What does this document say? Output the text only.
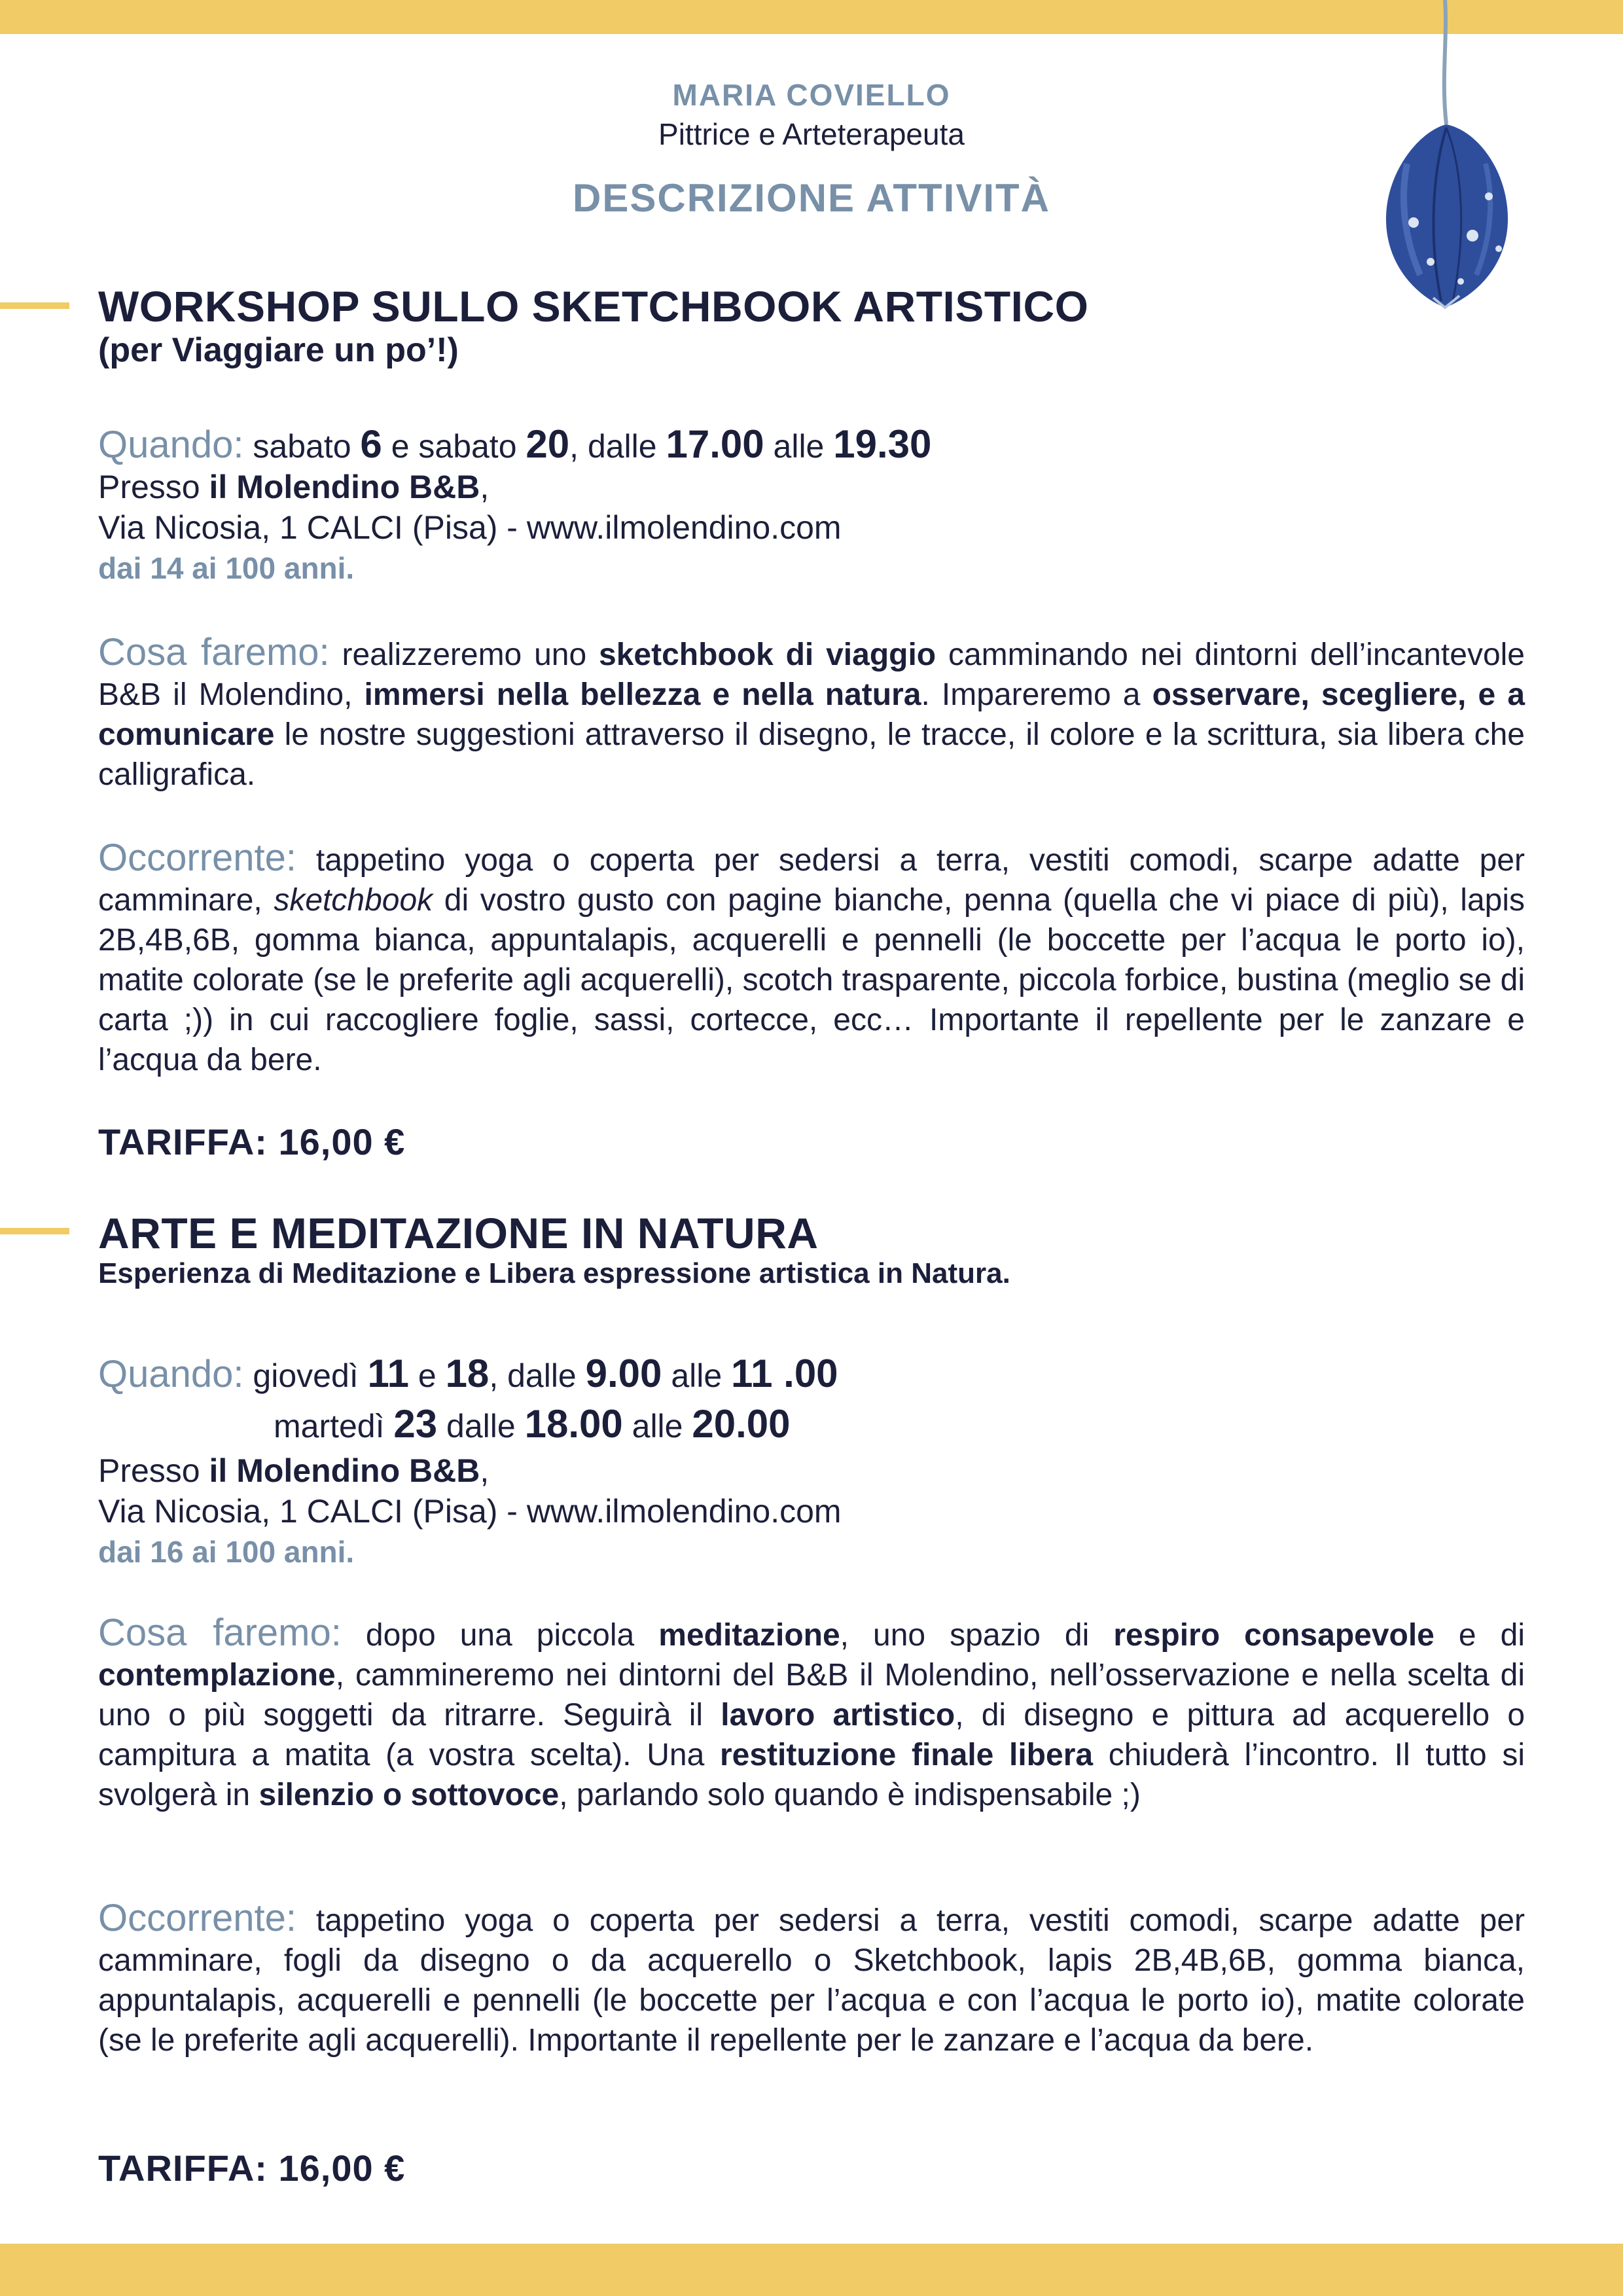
MARIA COVIELLO
Pittrice e Arteterapeuta
DESCRIZIONE ATTIVITÀ
WORKSHOP SULLO SKETCHBOOK ARTISTICO
(per Viaggiare un po’!)
Quando: sabato 6 e sabato 20, dalle 17.00 alle 19.30
Presso il Molendino B&B,
Via Nicosia, 1 CALCI (Pisa) - www.ilmolendino.com
dai 14 ai 100 anni.
Cosa faremo: realizzeremo uno sketchbook di viaggio camminando nei dintorni dell’incantevole B&B il Molendino, immersi nella bellezza e nella natura. Impareremo a osservare, scegliere, e a comunicare le nostre suggestioni attraverso il disegno, le tracce, il colore e la scrittura, sia libera che calligrafica.
Occorrente: tappetino yoga o coperta per sedersi a terra, vestiti comodi, scarpe adatte per camminare, sketchbook di vostro gusto con pagine bianche, penna (quella che vi piace di più), lapis 2B,4B,6B, gomma bianca, appuntalapis, acquerelli e pennelli (le boccette per l’acqua le porto io), matite colorate (se le preferite agli acquerelli), scotch trasparente, piccola forbice, bustina (meglio se di carta ;)) in cui raccogliere foglie, sassi, cortecce, ecc… Importante il repellente per le zanzare e l’acqua da bere.
TARIFFA: 16,00 €
ARTE E MEDITAZIONE IN NATURA
Esperienza di Meditazione e Libera espressione artistica in Natura.
Quando: giovedì 11 e 18, dalle 9.00 alle 11 .00
martedì 23 dalle 18.00 alle 20.00
Presso il Molendino B&B,
Via Nicosia, 1 CALCI (Pisa) - www.ilmolendino.com
dai 16 ai 100 anni.
Cosa faremo: dopo una piccola meditazione, uno spazio di respiro consapevole e di contemplazione, cammineremo nei dintorni del B&B il Molendino, nell’osservazione e nella scelta di uno o più soggetti da ritrarre. Seguirà il lavoro artistico, di disegno e pittura ad acquerello o campitura a matita (a vostra scelta). Una restituzione finale libera chiuderà l’incontro. Il tutto si svolgerà in silenzio o sottovoce, parlando solo quando è indispensabile ;)
Occorrente: tappetino yoga o coperta per sedersi a terra, vestiti comodi, scarpe adatte per camminare, fogli da disegno o da acquerello o Sketchbook, lapis 2B,4B,6B, gomma bianca, appuntalapis, acquerelli e pennelli (le boccette per l’acqua e con l’acqua le porto io), matite colorate (se le preferite agli acquerelli). Importante il repellente per le zanzare e l’acqua da bere.
TARIFFA: 16,00 €
